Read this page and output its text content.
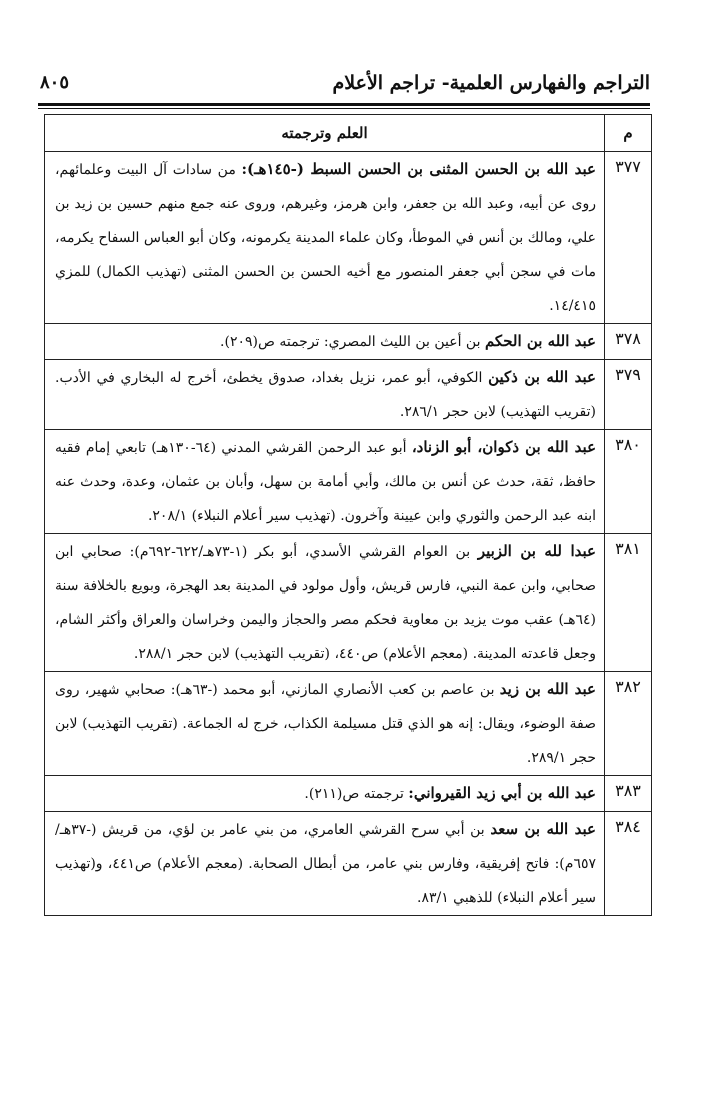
التراجم والفهارس العلمية- تراجم الأعلام
٨٠٥
م	العلم وترجمته
٣٧٧	عبد الله بن الحسن المثنى بن الحسن السبط (-١٤٥هـ): من سادات آل البيت وعلمائهم، روى عن أبيه، وعبد الله بن جعفر، وابن هرمز، وغيرهم، وروى عنه جمع منهم حسين بن زيد بن علي، ومالك بن أنس في الموطأ، وكان علماء المدينة يكرمونه، وكان أبو العباس السفاح يكرمه، مات في سجن أبي جعفر المنصور مع أخيه الحسن بن الحسن المثنى (تهذيب الكمال) للمزي ١٤/٤١٥.
٣٧٨	عبد الله بن الحكم بن أعين بن الليث المصري: ترجمته ص(٢٠٩).
٣٧٩	عبد الله بن ذكين الكوفي، أبو عمر، نزيل بغداد، صدوق يخطئ، أخرج له البخاري في الأدب. (تقريب التهذيب) لابن حجر ٢٨٦/١.
٣٨٠	عبد الله بن ذكوان، أبو الزناد، أبو عبد الرحمن القرشي المدني (٦٤-١٣٠هـ) تابعي إمام فقيه حافظ، ثقة، حدث عن أنس بن مالك، وأبي أمامة بن سهل، وأبان بن عثمان، وعدة، وحدث عنه ابنه عبد الرحمن والثوري وابن عيينة وآخرون. (تهذيب سير أعلام النبلاء) ٢٠٨/١.
٣٨١	عبدا لله بن الزبير بن العوام القرشي الأسدي، أبو بكر (١-٧٣هـ/٦٢٢-٦٩٢م): صحابي ابن صحابي، وابن عمة النبي، فارس قريش، وأول مولود في المدينة بعد الهجرة، وبويع بالخلافة سنة (٦٤هـ) عقب موت يزيد بن معاوية فحكم مصر والحجاز واليمن وخراسان والعراق وأكثر الشام، وجعل قاعدته المدينة. (معجم الأعلام) ص٤٤٠، (تقريب التهذيب) لابن حجر ٢٨٨/١.
٣٨٢	عبد الله بن زيد بن عاصم بن كعب الأنصاري المازني، أبو محمد (-٦٣هـ): صحابي شهير، روى صفة الوضوء، ويقال: إنه هو الذي قتل مسيلمة الكذاب، خرج له الجماعة. (تقريب التهذيب) لابن حجر ٢٨٩/١.
٣٨٣	عبد الله بن أبي زيد القيرواني: ترجمته ص(٢١١).
٣٨٤	عبد الله بن سعد بن أبي سرح القرشي العامري، من بني عامر بن لؤي، من قريش (-٣٧هـ/٦٥٧م): فاتح إفريقية، وفارس بني عامر، من أبطال الصحابة. (معجم الأعلام) ص٤٤١، و(تهذيب سير أعلام النبلاء) للذهبي ٨٣/١.
